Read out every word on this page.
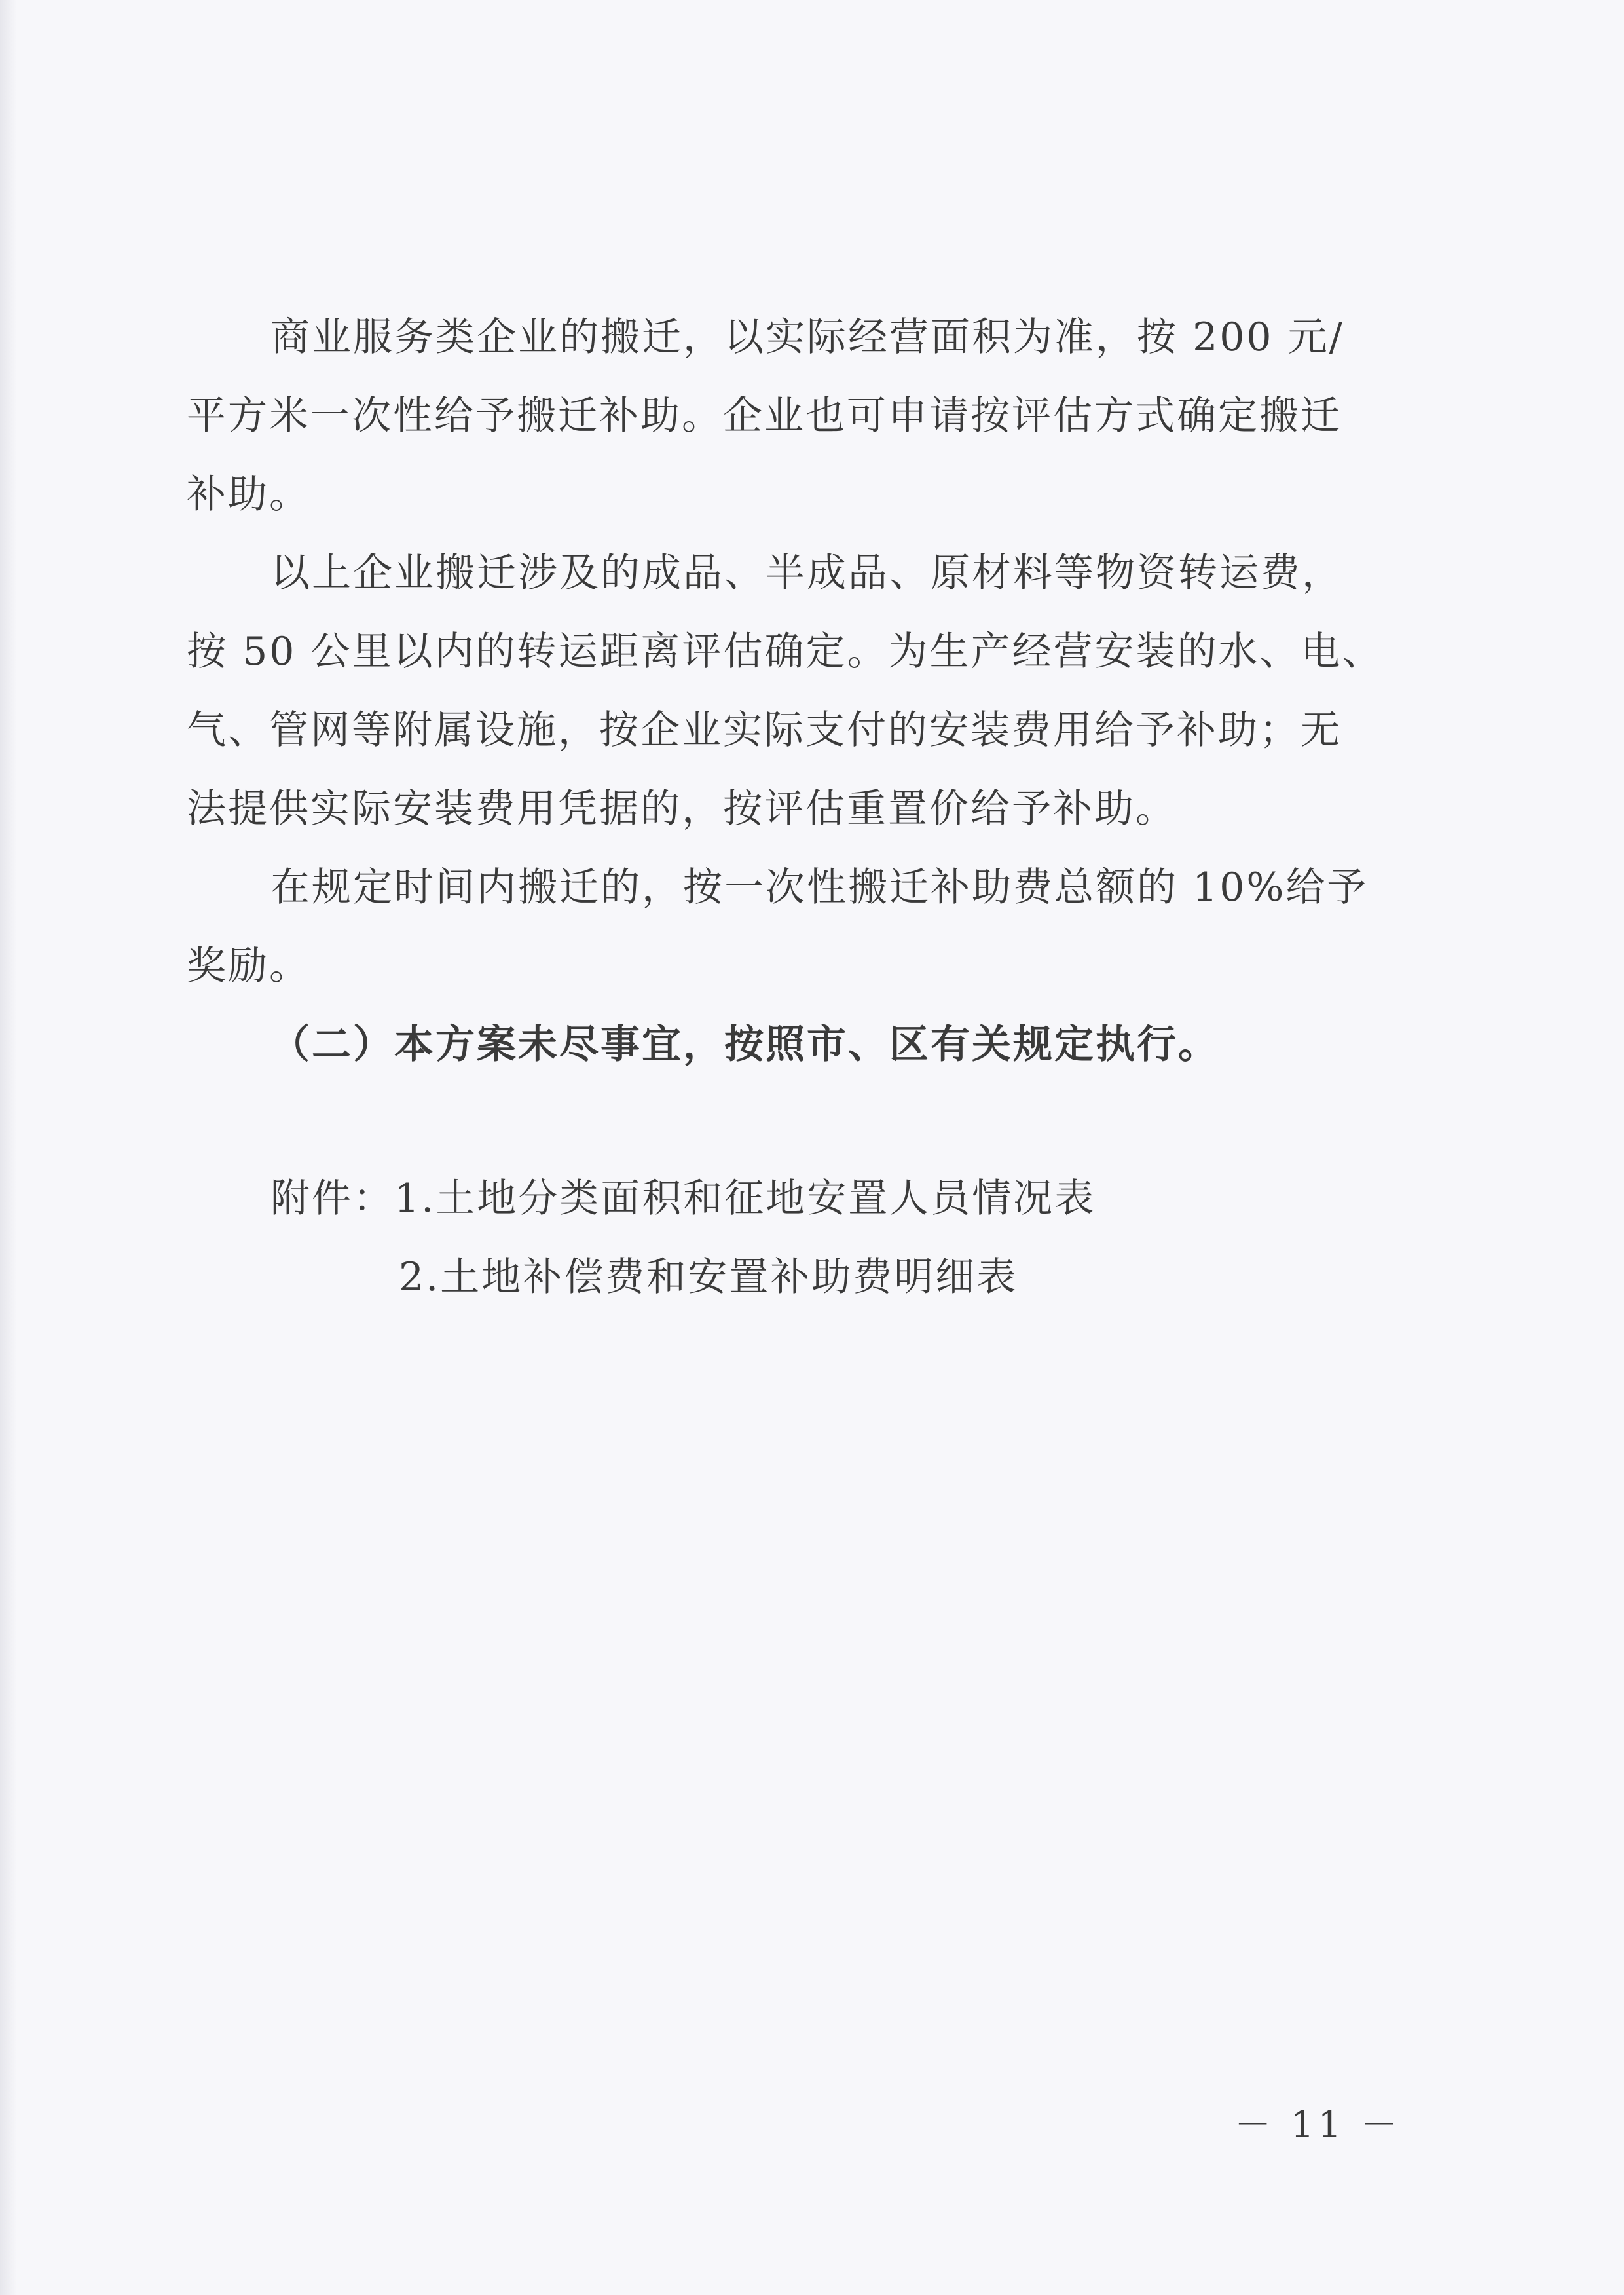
商业服务类企业的搬迁，以实际经营面积为准，按 200 元/
平方米一次性给予搬迁补助。企业也可申请按评估方式确定搬迁
补助。
以上企业搬迁涉及的成品、半成品、原材料等物资转运费，
按 50 公里以内的转运距离评估确定。为生产经营安装的水、电、
气、管网等附属设施，按企业实际支付的安装费用给予补助；无
法提供实际安装费用凭据的，按评估重置价给予补助。
在规定时间内搬迁的，按一次性搬迁补助费总额的 10%给予
奖励。
（二）本方案未尽事宜，按照市、区有关规定执行。
附件：1.土地分类面积和征地安置人员情况表
2.土地补偿费和安置补助费明细表
－ 11 －
